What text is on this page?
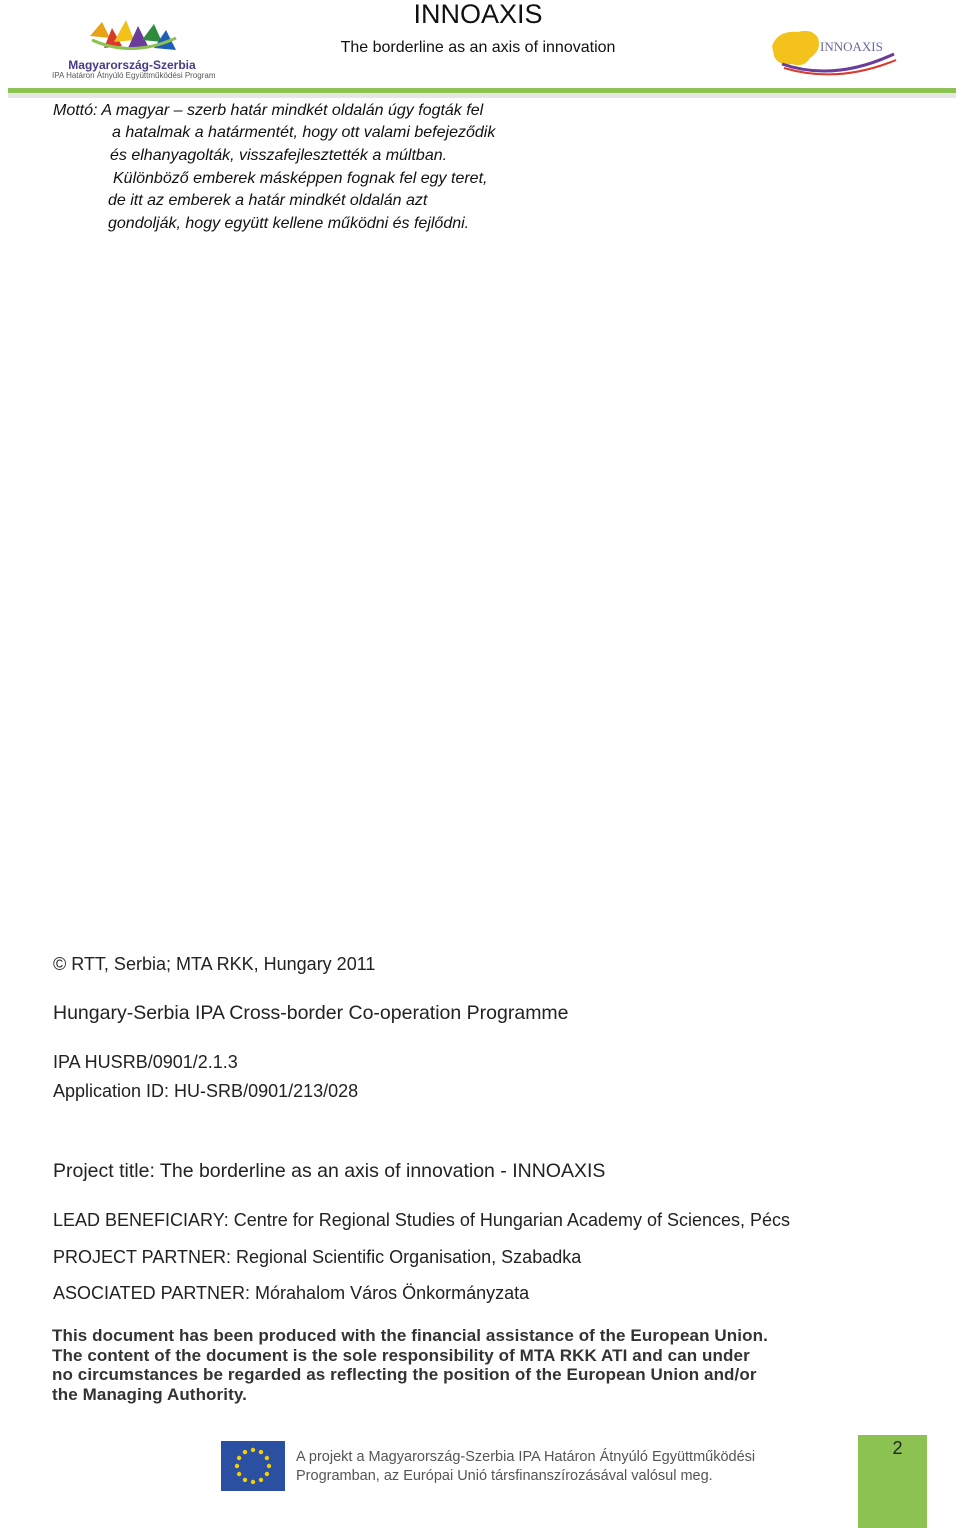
Magyarország-Szerbia
IPA Határon Átnyúló Együttműködési Program
INNOAXIS
The borderline as an axis of innovation	INNOAXIS
Mottó: A magyar – szerb határ mindkét oldalán úgy fogták fel
a hatalmak a határmentét, hogy ott valami befejeződik
és elhanyagolták, visszafejlesztették a múltban.
Különböző emberek másképpen fognak fel egy teret,
de itt az emberek a határ mindkét oldalán azt
gondolják, hogy együtt kellene működni és fejlődni.
© RTT, Serbia; MTA RKK, Hungary 2011
Hungary-Serbia IPA Cross-border Co-operation Programme
IPA HUSRB/0901/2.1.3
Application ID: HU-SRB/0901/213/028
Project title: The borderline as an axis of innovation - INNOAXIS
LEAD BENEFICIARY: Centre for Regional Studies of Hungarian Academy of Sciences, Pécs
PROJECT PARTNER: Regional Scientific Organisation, Szabadka
ASOCIATED PARTNER: Mórahalom Város Önkormányzata
This document has been produced with the financial assistance of the European Union.
The content of the document is the sole responsibility of MTA RKK ATI and can under
no circumstances be regarded as reflecting the position of the European Union and/or
the Managing Authority.
A projekt a Magyarország-Szerbia IPA Határon Átnyúló Együttműködési
Programban, az Európai Unió társfinanszírozásával valósul meg.
2
